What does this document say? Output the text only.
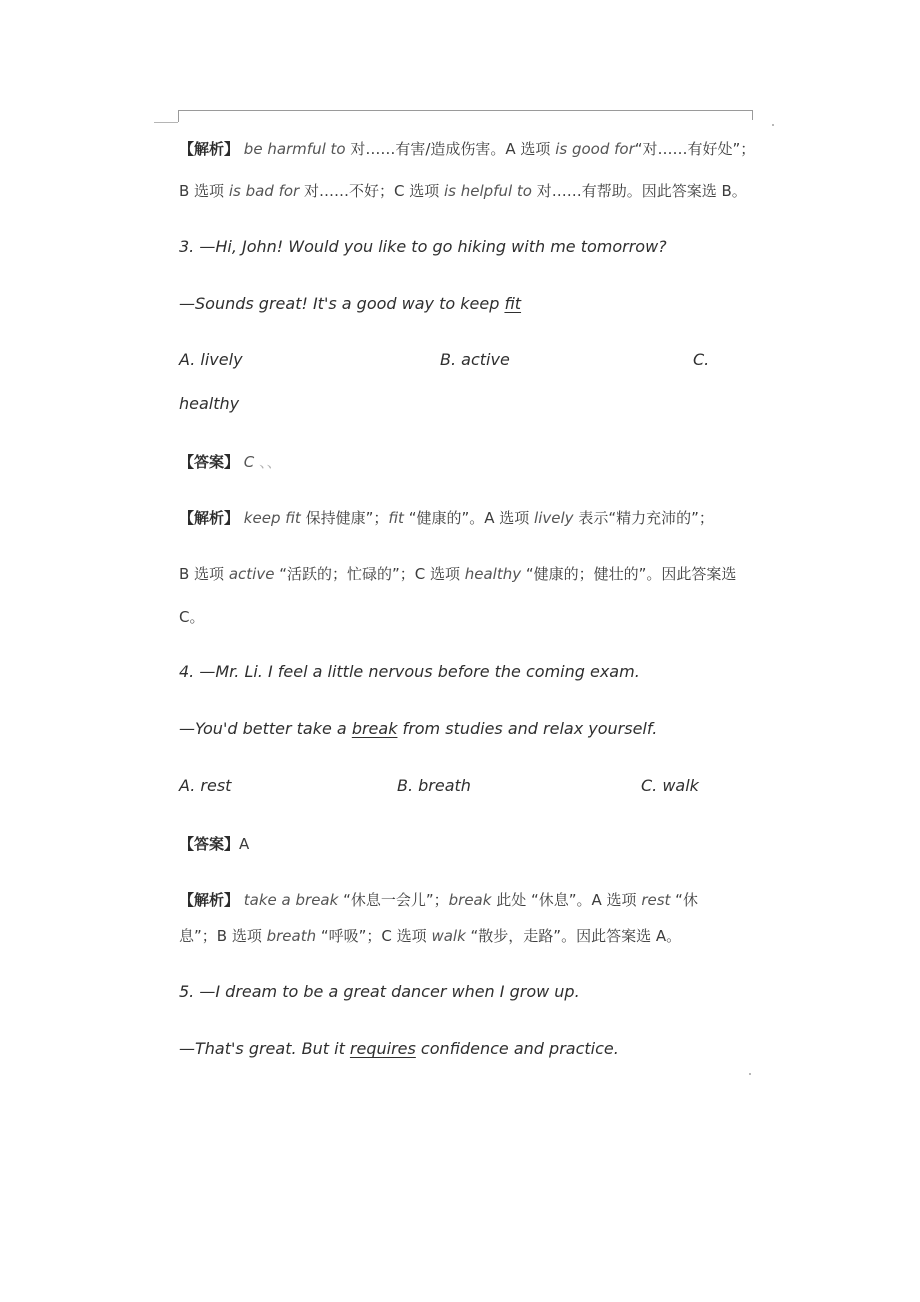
【解析】 be harmful to 对……有害/造成伤害。A 选项 is good for“对……有好处”；
B 选项 is bad for 对……不好；C 选项 is helpful to 对……有帮助。因此答案选 B。
3. —Hi, John! Would you like to go hiking with me tomorrow?
—Sounds great! It's a good way to keep fit
A. lively	B. active	C.
healthy
【答案】 C 、、
【解析】 keep fit 保持健康”；fit “健康的”。A 选项 lively 表示“精力充沛的”；
B 选项 active “活跃的；忙碌的”；C 选项 healthy “健康的；健壮的”。因此答案选
C。
4. —Mr. Li. I feel a little nervous before the coming exam.
—You'd better take a break from studies and relax yourself.
A. rest	B. breath	C. walk
【答案】A
【解析】 take a break “休息一会儿”；break 此处 “休息”。A 选项 rest “休
息”；B 选项 breath “呼吸”；C 选项 walk “散步，走路”。因此答案选 A。
5. —I dream to be a great dancer when I grow up.
—That's great. But it requires confidence and practice.
